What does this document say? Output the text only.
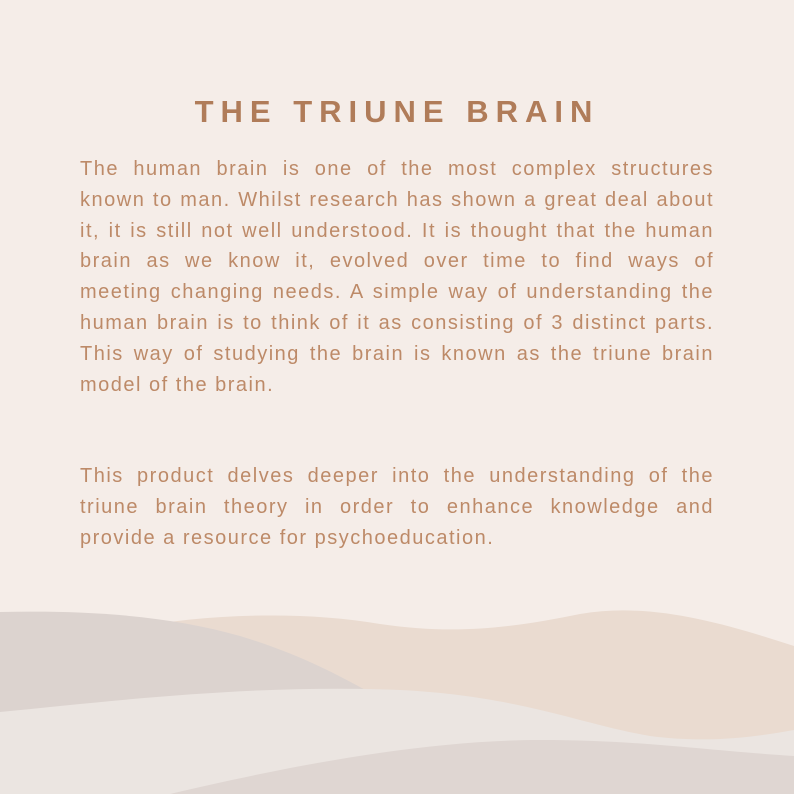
THE TRIUNE BRAIN

The human brain is one of the most complex structures known to man. Whilst research has shown a great deal about it, it is still not well understood. It is thought that the human brain as we know it, evolved over time to find ways of meeting changing needs. A simple way of understanding the human brain is to think of it as consisting of 3 distinct parts. This way of studying the brain is known as the triune brain model of the brain.

This product delves deeper into the understanding of the triune brain theory in order to enhance knowledge and provide a resource for psychoeducation.
